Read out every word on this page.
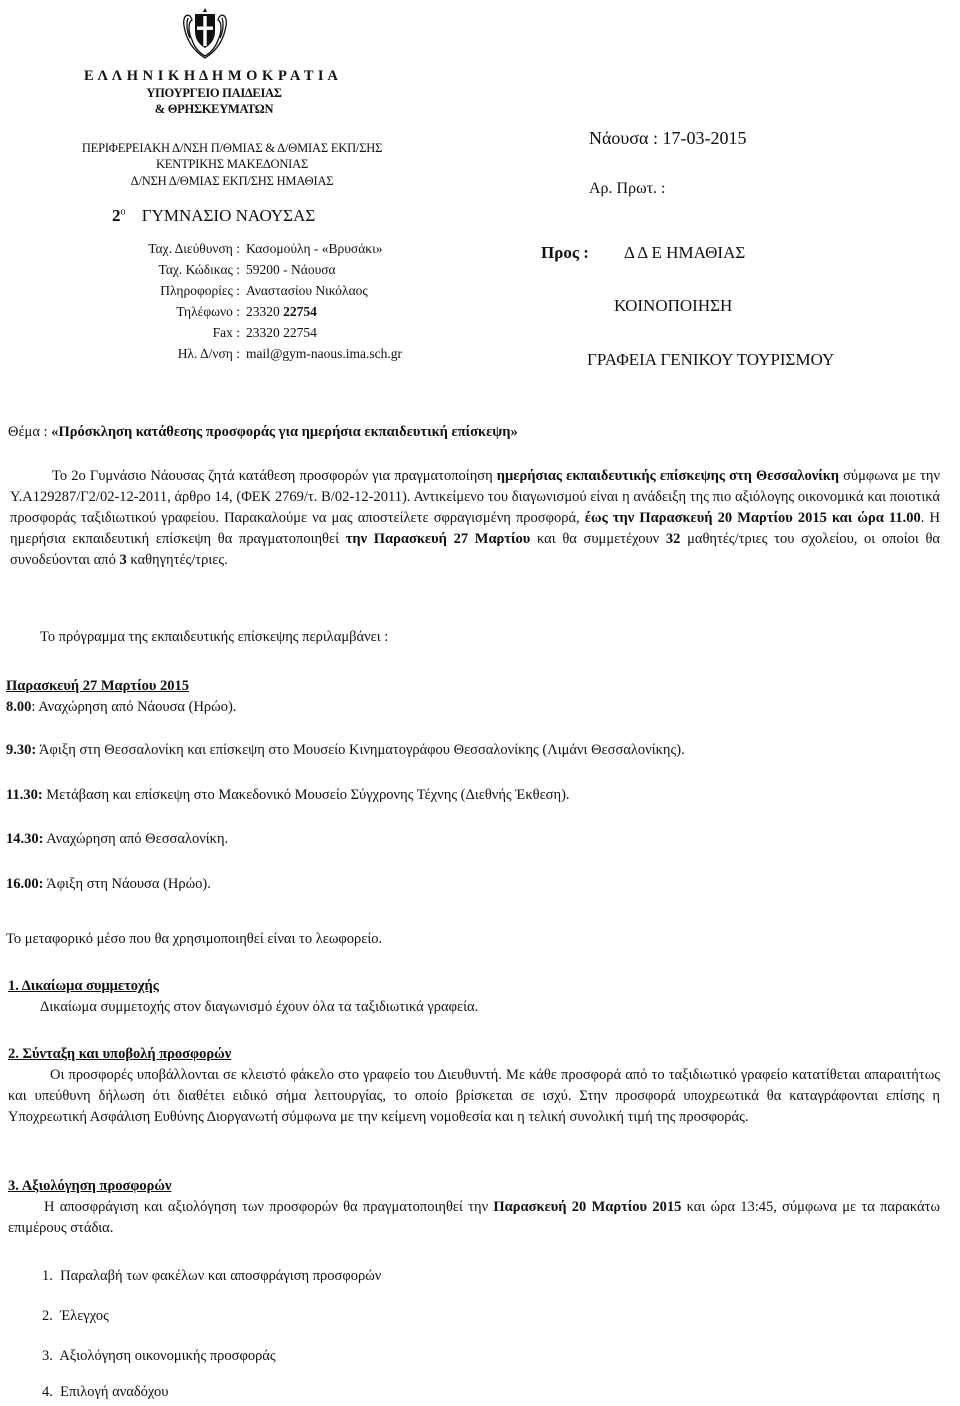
Ε Λ Λ Η Ν Ι Κ Η Δ Η Μ Ο Κ Ρ Α Τ Ι Α
ΥΠΟΥΡΓΕΙΟ ΠΑΙΔΕΙΑΣ
& ΘΡΗΣΚΕΥΜΑΤΩΝ
ΠΕΡΙΦΕΡΕΙΑΚΗ Δ/ΝΣΗ Π/ΘΜΙΑΣ & Δ/ΘΜΙΑΣ ΕΚΠ/ΣΗΣ
ΚΕΝΤΡΙΚΗΣ ΜΑΚΕΔΟΝΙΑΣ
Δ/ΝΣΗ Δ/ΘΜΙΑΣ ΕΚΠ/ΣΗΣ ΗΜΑΘΙΑΣ
$2^o$ ΓΥΜΝΑΣΙΟ ΝΑΟΥΣΑΣ
Ταχ. Διεύθυνση : Κασομούλη - «Βρυσάκι»
Ταχ. Κώδικας : 59200 - Νάουσα
Πληροφορίες : Αναστασίου Νικόλαος
Τηλέφωνο : 23320 22754
Fax : 23320 22754
Ηλ. Δ/νση : mail@gym-naous.ima.sch.gr
Νάουσα : 17-03-2015
Αρ. Πρωτ. :
Προς : Δ Δ Ε ΗΜΑΘΙΑΣ
ΚΟΙΝΟΠΟΙΗΣΗ
ΓΡΑΦΕΙΑ ΓΕΝΙΚΟΥ ΤΟΥΡΙΣΜΟΥ
Θέμα : «Πρόσκληση κατάθεσης προσφοράς για ημερήσια εκπαιδευτική επίσκεψη»
Το 2ο Γυμνάσιο Νάουσας ζητά κατάθεση προσφορών για πραγματοποίηση ημερήσιας εκπαιδευτικής επίσκεψης στη Θεσσαλονίκη σύμφωνα με την Υ.Α129287/Γ2/02-12-2011, άρθρο 14, (ΦΕΚ 2769/τ. Β/02-12-2011). Αντικείμενο του διαγωνισμού είναι η ανάδειξη της πιο αξιόλογης οικονομικά και ποιοτικά προσφοράς ταξιδιωτικού γραφείου. Παρακαλούμε να μας αποστείλετε σφραγισμένη προσφορά, έως την Παρασκευή 20 Μαρτίου 2015 και ώρα 11.00. Η ημερήσια εκπαιδευτική επίσκεψη θα πραγματοποιηθεί την Παρασκευή 27 Μαρτίου και θα συμμετέχουν 32 μαθητές/τριες του σχολείου, οι οποίοι θα συνοδεύονται από 3 καθηγητές/τριες.
Το πρόγραμμα της εκπαιδευτικής επίσκεψης περιλαμβάνει :
Παρασκευή 27 Μαρτίου 2015
8.00: Αναχώρηση από Νάουσα (Ηρώο).
9.30: Άφιξη στη Θεσσαλονίκη και επίσκεψη στο Μουσείο Κινηματογράφου Θεσσαλονίκης (Λιμάνι Θεσσαλονίκης).
11.30: Μετάβαση και επίσκεψη στο Μακεδονικό Μουσείο Σύγχρονης Τέχνης (Διεθνής Έκθεση).
14.30: Αναχώρηση από Θεσσαλονίκη.
16.00: Άφιξη στη Νάουσα (Ηρώο).
Το μεταφορικό μέσο που θα χρησιμοποιηθεί είναι το λεωφορείο.
1. Δικαίωμα συμμετοχής
Δικαίωμα συμμετοχής στον διαγωνισμό έχουν όλα τα ταξιδιωτικά γραφεία.
2. Σύνταξη και υποβολή προσφορών
Οι προσφορές υποβάλλονται σε κλειστό φάκελο στο γραφείο του Διευθυντή. Με κάθε προσφορά από το ταξιδιωτικό γραφείο κατατίθεται απαραιτήτως και υπεύθυνη δήλωση ότι διαθέτει ειδικό σήμα λειτουργίας, το οποίο βρίσκεται σε ισχύ. Στην προσφορά υποχρεωτικά θα καταγράφονται επίσης η Υποχρεωτική Ασφάλιση Ευθύνης Διοργανωτή σύμφωνα με την κείμενη νομοθεσία και η τελική συνολική τιμή της προσφοράς.
3. Αξιολόγηση προσφορών
Η αποσφράγιση και αξιολόγηση των προσφορών θα πραγματοποιηθεί την Παρασκευή 20 Μαρτίου 2015 και ώρα 13:45, σύμφωνα με τα παρακάτω επιμέρους στάδια.
1.  Παραλαβή των φακέλων και αποσφράγιση προσφορών
2.  Έλεγχος
3.  Αξιολόγηση οικονομικής προσφοράς
4.  Επιλογή αναδόχου
